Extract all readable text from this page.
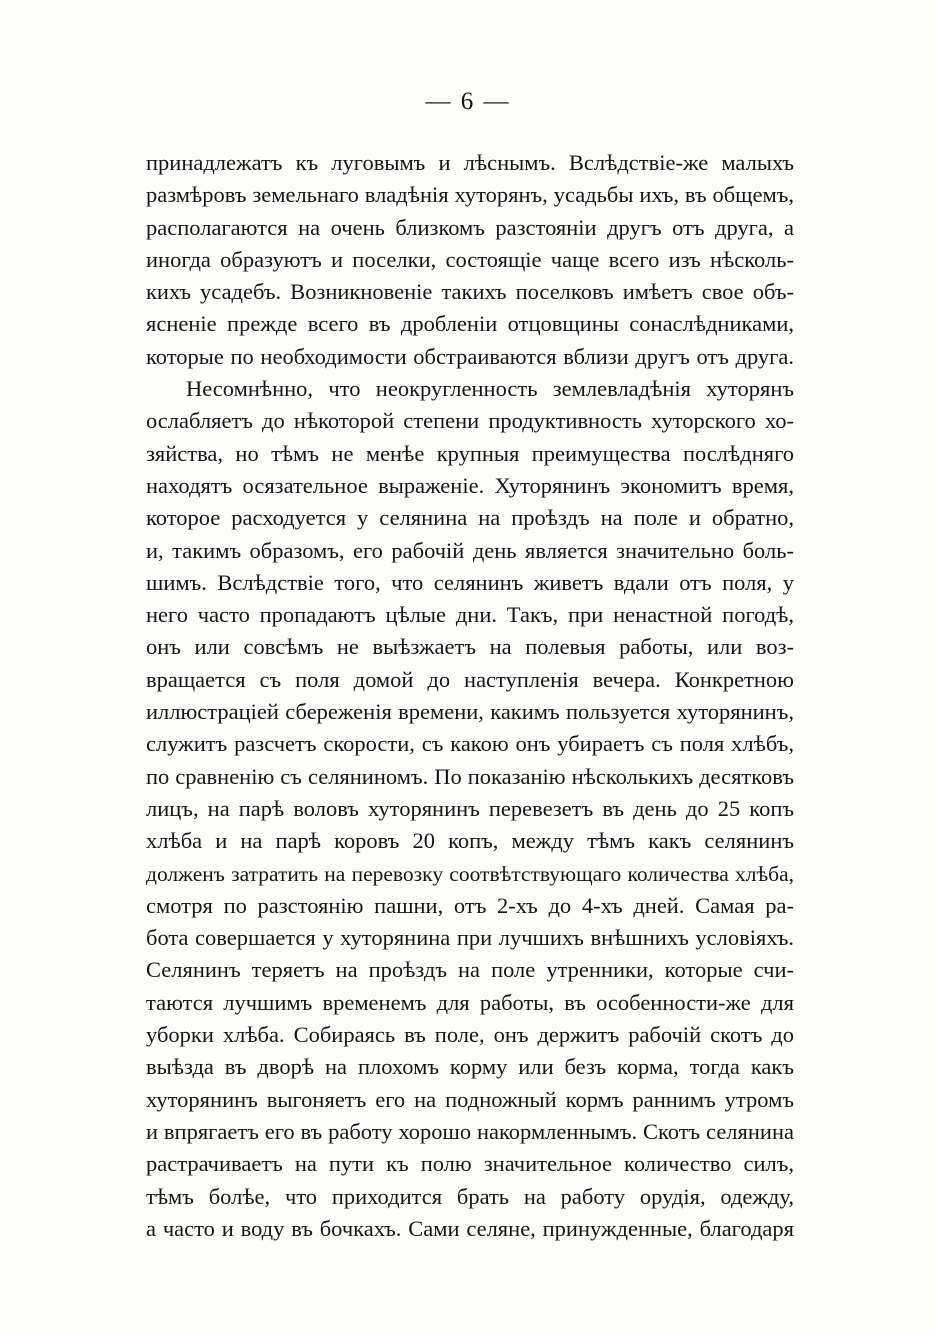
— 6 —
принадлежатъ къ луговымъ и лѣснымъ. Вслѣдствіе-же малыхъ
размѣровъ земельнаго владѣнія хуторянъ, усадьбы ихъ, въ общемъ,
располагаются на очень близкомъ разстояніи другъ отъ друга, а
иногда образуютъ и поселки, состоящіе чаще всего изъ нѣсколь-
кихъ усадебъ. Возникновеніе такихъ поселковъ имѣетъ свое объ-
ясненіе прежде всего въ дробленіи отцовщины сонаслѣдниками,
которые по необходимости обстраиваются вблизи другъ отъ друга.
Несомнѣнно, что неокругленность землевладѣнія хуторянъ
ослабляетъ до нѣкоторой степени продуктивность хуторского хо-
зяйства, но тѣмъ не менѣе крупныя преимущества послѣдняго
находятъ осязательное выраженіе. Хуторянинъ экономитъ время,
которое расходуется у селянина на проѣздъ на поле и обратно,
и, такимъ образомъ, его рабочій день является значительно боль-
шимъ. Вслѣдствіе того, что селянинъ живетъ вдали отъ поля, у
него часто пропадаютъ цѣлые дни. Такъ, при ненастной погодѣ,
онъ или совсѣмъ не выѣзжаетъ на полевыя работы, или воз-
вращается съ поля домой до наступленія вечера. Конкретною
иллюстраціей сбереженія времени, какимъ пользуется хуторянинъ,
служитъ разсчетъ скорости, съ какою онъ убираетъ съ поля хлѣбъ,
по сравненію съ селяниномъ. По показанію нѣсколькихъ десятковъ
лицъ, на парѣ воловъ хуторянинъ перевезетъ въ день до 25 копъ
хлѣба и на парѣ коровъ 20 копъ, между тѣмъ какъ селянинъ
долженъ затратить на перевозку соотвѣтствующаго количества хлѣба,
смотря по разстоянію пашни, отъ 2-хъ до 4-хъ дней. Самая ра-
бота совершается у хуторянина при лучшихъ внѣшнихъ условіяхъ.
Селянинъ теряетъ на проѣздъ на поле утренники, которые счи-
таются лучшимъ временемъ для работы, въ особенности-же для
уборки хлѣба. Собираясь въ поле, онъ держитъ рабочій скотъ до
выѣзда въ дворѣ на плохомъ корму или безъ корма, тогда какъ
хуторянинъ выгоняетъ его на подножный кормъ раннимъ утромъ
и впрягаетъ его въ работу хорошо накормленнымъ. Скотъ селянина
растрачиваетъ на пути къ полю значительное количество силъ,
тѣмъ болѣе, что приходится брать на работу орудія, одежду,
а часто и воду въ бочкахъ. Сами селяне, принужденные, благодаря
